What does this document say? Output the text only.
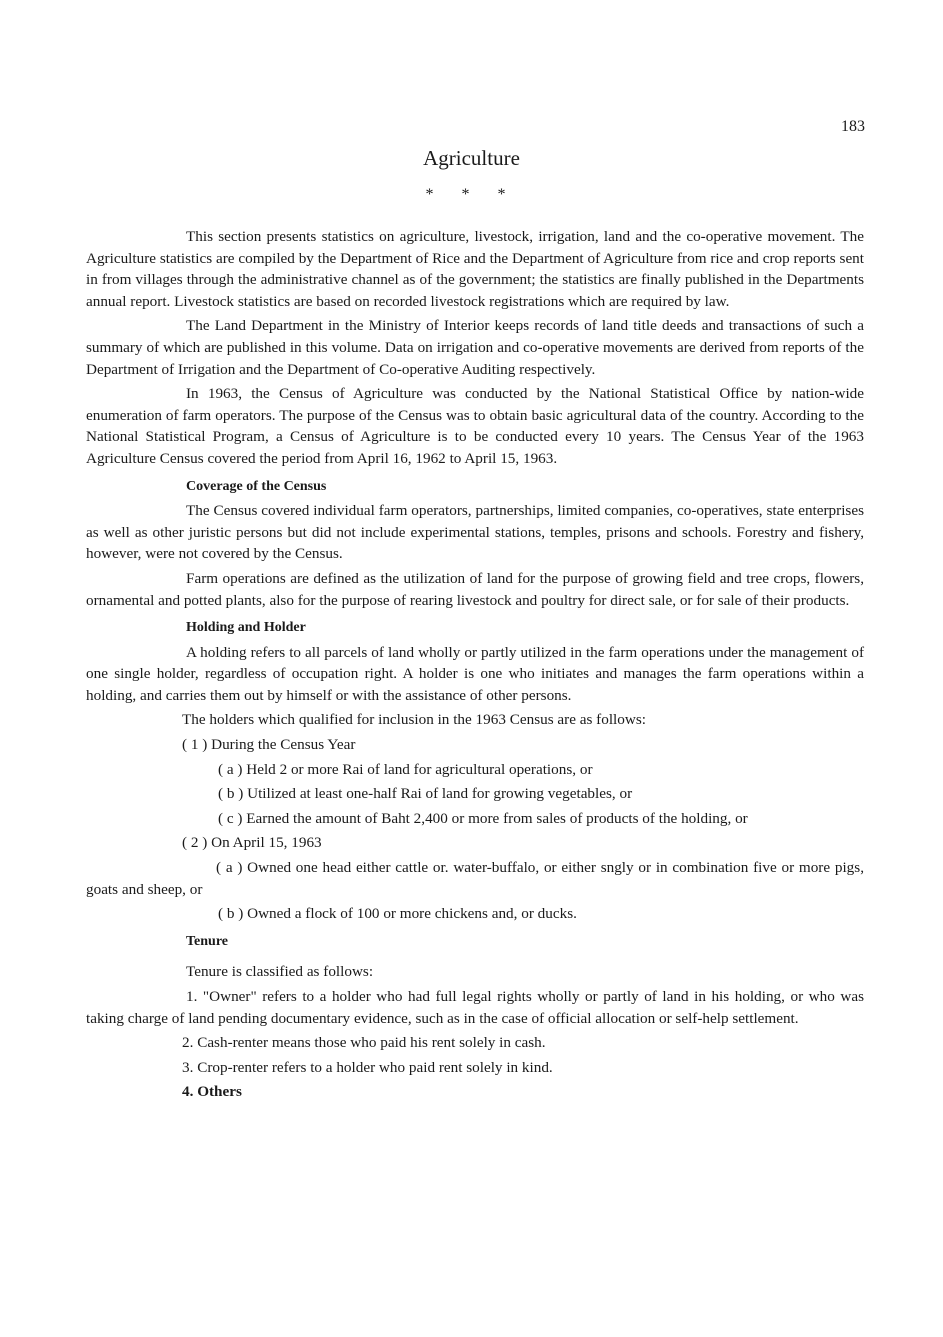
183
Agriculture
* * *

This section presents statistics on agriculture, livestock, irrigation, land and the co-operative movement. The Agriculture statistics are compiled by the Department of Rice and the Department of Agriculture from rice and crop reports sent in from villages through the administrative channel as of the government; the statistics are finally published in the Departments annual report. Livestock statistics are based on recorded livestock registrations which are required by law.

The Land Department in the Ministry of Interior keeps records of land title deeds and transactions of such a summary of which are published in this volume. Data on irrigation and co-operative movements are derived from reports of the Department of Irrigation and the Department of Co-operative Auditing respectively.

In 1963, the Census of Agriculture was conducted by the National Statistical Office by nation-wide enumeration of farm operators. The purpose of the Census was to obtain basic agricultural data of the country. According to the National Statistical Program, a Census of Agriculture is to be conducted every 10 years. The Census Year of the 1963 Agriculture Census covered the period from April 16, 1962 to April 15, 1963.

Coverage of the Census

The Census covered individual farm operators, partnerships, limited companies, co-operatives, state enterprises as well as other juristic persons but did not include experimental stations, temples, prisons and schools. Forestry and fishery, however, were not covered by the Census.

Farm operations are defined as the utilization of land for the purpose of growing field and tree crops, flowers, ornamental and potted plants, also for the purpose of rearing livestock and poultry for direct sale, or for sale of their products.

Holding and Holder

A holding refers to all parcels of land wholly or partly utilized in the farm operations under the management of one single holder, regardless of occupation right. A holder is one who initiates and manages the farm operations within a holding, and carries them out by himself or with the assistance of other persons.

The holders which qualified for inclusion in the 1963 Census are as follows:

( 1 ) During the Census Year

( a ) Held 2 or more Rai of land for agricultural operations, or

( b ) Utilized at least one-half Rai of land for growing vegetables, or

( c ) Earned the amount of Baht 2,400 or more from sales of products of the holding, or

( 2 ) On April 15, 1963

( a ) Owned one head either cattle or. water-buffalo, or either sngly or in combination five or more pigs, goats and sheep, or

( b ) Owned a flock of 100 or more chickens and, or ducks.

Tenure

Tenure is classified as follows:

1. "Owner" refers to a holder who had full legal rights wholly or partly of land in his holding, or who was taking charge of land pending documentary evidence, such as in the case of official allocation or self-help settlement.

2. Cash-renter means those who paid his rent solely in cash.

3. Crop-renter refers to a holder who paid rent solely in kind.

4. Others
